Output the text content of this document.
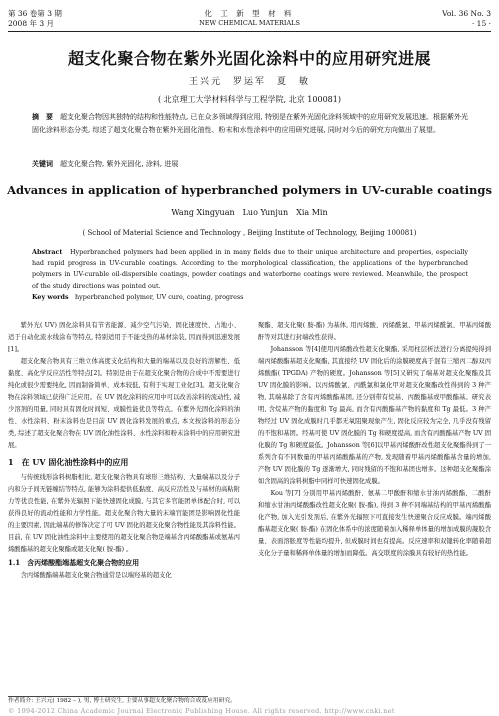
第 36 卷第 3 期
2008 年 3 月
化 工 新 型 材 料
NEW CHEMICAL MATERIALS
Vol. 36 No. 3
· 15 ·
超支化聚合物在紫外光固化涂料中的应用研究进展
王兴元　罗运军　夏　敏
( 北京理工大学材料科学与工程学院, 北京 100081)
摘　要　 超支化聚合物因其独特的结构和性能特点, 已在众多领域得到应用, 特别是在紫外光固化涂料领域中的应用研究发展迅速。根据紫外光固化涂料形态分类, 综述了超支化聚合物在紫外光固化油性、粉末和水性涂料中的应用研究进展, 同时对今后的研究方向做出了展望。
关键词　 超支化聚合物, 紫外光固化, 涂料, 进展
Advances in application of hyperbranched polymers in UV-curable coatings
Wang Xingyuan　Luo Yunjun　Xia Min
( School of Material Science and Technology , Beijing Institute of Technology, Beijing 100081)
Abstract　 Hyperbranched polymers had been applied in in many fields due to their unique architecture and properties, especially had rapid progress in UV-curable coatings. According to the morphological classification, the applications of the hyperbranched polymers in UV-curable oil-dispersible coatings, powder coatings and waterborne coatings were reviewed. Meanwhile, the prospect of the study directions was pointed out.
Key words　 hyperbranched polymer, UV cure, coating, progress

紫外光( UV) 固化涂料具有节省能源、减少空气污染、固化速度快、占地小、适于自动化流水线涂布等特点, 特别适用于不能受热的基材涂装, 因而得到迅速发展[1]。

超支化聚合物具有三维立体高度支化结构和大量的端基以及良好的溶解性、低黏度、高化学反应活性等特点[2]。特别是由于在超支化聚合物的合成中不需要进行纯化或很少需要纯化, 因而制备简单、成本较低, 有利于实现工业化[3]。超支化聚合物在涂料领域已获得广泛应用。在 UV 固化涂料的应用中可以改善涂料的流动性, 减少溶剂的用量, 同时具有固化时间短、成膜性能优良等特点。在紫外光固化涂料的油性、水性涂料、粉末涂料也是目前 UV 固化涂料发展的重点, 本文按涂料的形态分类, 综述了超支化聚合物在 UV 固化油性涂料、水性涂料和粉末涂料中的应用研究进展。

1　在 UV 固化油性涂料中的应用

与传统线形涂料树脂相比, 超支化聚合物具有球形三维结构、大量端基以及分子内和分子间无链缠结等特点, 能够为涂料提供低黏度、高反应活性及与基材的高粘附力等优良性能, 在紫外光辐照下能快速固化成膜, 与其它多官能团单体配合时, 可以获得良好的流动性能和力学性能。超支化聚合物大量的末端官能团是影响固化性能的主要因素, 因此端基的修饰决定了可 UV 固化的超支化聚合物性能及其涂料性能。目前, 在 UV 固化油性涂料中主要使用的超支化聚合物是端基含丙烯酸酯基或氨基丙烯酸酯基的超支化聚酯或超支化聚( 胺-酯) 。

1.1　含丙烯酸酯端基超支化聚合物的应用

含丙烯酸酯端基超支化聚合物通常是以端羟基的超支化

聚酯、超支化聚( 胺-酯) 为基体, 用丙烯酸、丙烯酰氯、甲基丙烯酰氯、甲基丙烯酸酐等对其进行封端改性获得。

Johansson 等[4]使用丙烯酸改性超支化聚酯, 采用柱层析法进行分离提纯得到端丙烯酸酯基超支化聚酯, 其直接经 UV 固化后的涂膜硬度高于混有三缩丙二醇双丙烯酸酯( TPGDA) 产物的硬度。Johansson 等[5]又研究了端基对超支化聚酯及其 UV 固化膜的影响。以丙烯酸氯、丙酰氯和氯化甲对超支化聚酯改性得到的 3 种产物, 其端基除了含有丙烯酸酯基团, 还分别带有烷基、丙酸酯基或甲酸酯基。研究表明, 含烷基产物的黏度和 Tg 最高, 而含有丙酸酯基产物的黏度和 Tg 最低。3 种产物经过 UV 固化成膜时几乎都无氧阻聚现象产生, 固化反应较为完全, 几乎没有残留的不饱和基团。经基可使 UV 固化膜的 Tg 和硬度提高, 而含有丙酸酯基产物 UV 固化膜的 Tg 和硬度最低。Johansson 等[6]以甲基丙烯酸酐改性超支化聚酯得到了一系列含有不同数量的甲基丙烯酸酯基的产物, 发现随着甲基丙烯酸酯基含量的增加, 产物 UV 固化膜的 Tg 逐渐增大, 同时残留的不饱和基团也增多。这种超支化聚酯涂如含固高的涂料树脂中同样可快速固化成膜。

Kou 等[7] 分别用甲基丙烯酸酐、氨基二甲酸酐和缩水甘油丙烯酸酯、二酸酐和缩水甘油丙烯酸酯改性超支化聚( 胺-酯), 得到 3 种不同端基结构的甲基丙烯酸酯化产物, 加入光引发剂后, 在紫外光辐照下可直接发生快速聚合反应成膜。端丙烯酸酯基超支化聚( 胺-酯) 在固化体系中的浓度随着加入稀释单体量的增加成膜的凝胶含量、表面溶胀度等性能均提升, 但成膜时间也有提高。反应速率和双键转化率随着超支化分子量和稀释单体量的增加而降低。高交联度的涂膜具有较好的热性能。

作者简介: 王兴元( 1982 – ), 男, 博士研究生, 主要从事超支化聚合物的合成及应用研究。
© 1994-2012 China Academic Journal Electronic Publishing House. All rights reserved. http://www.cnki.net
